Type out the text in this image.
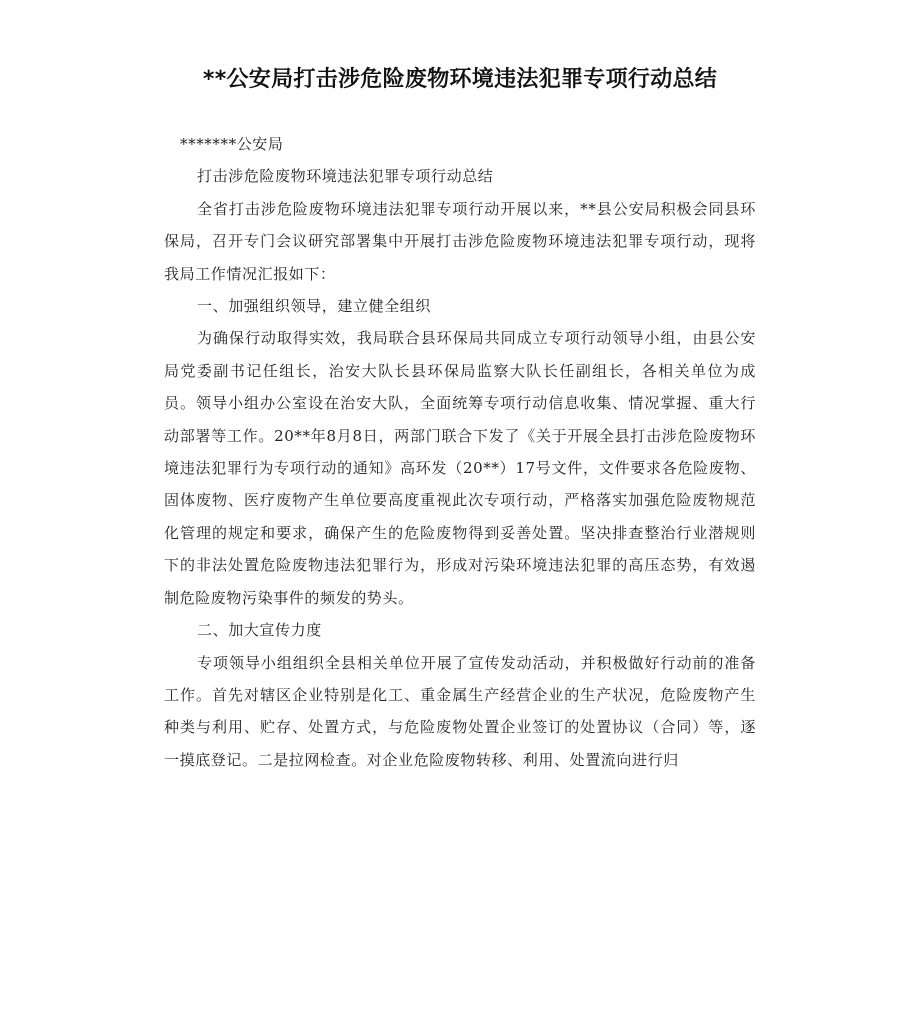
**公安局打击涉危险废物环境违法犯罪专项行动总结

*******公安局

打击涉危险废物环境违法犯罪专项行动总结

全省打击涉危险废物环境违法犯罪专项行动开展以来，**县公安局积极会同县环保局，召开专门会议研究部署集中开展打击涉危险废物环境违法犯罪专项行动，现将我局工作情况汇报如下：

一、加强组织领导，建立健全组织

为确保行动取得实效，我局联合县环保局共同成立专项行动领导小组，由县公安局党委副书记任组长，治安大队长县环保局监察大队长任副组长，各相关单位为成员。领导小组办公室设在治安大队，全面统筹专项行动信息收集、情况掌握、重大行动部署等工作。20**年8月8日，两部门联合下发了《关于开展全县打击涉危险废物环境违法犯罪行为专项行动的通知》高环发（20**）17号文件，文件要求各危险废物、固体废物、医疗废物产生单位要高度重视此次专项行动，严格落实加强危险废物规范化管理的规定和要求，确保产生的危险废物得到妥善处置。坚决排查整治行业潜规则下的非法处置危险废物违法犯罪行为，形成对污染环境违法犯罪的高压态势，有效遏制危险废物污染事件的频发的势头。

二、加大宣传力度

专项领导小组组织全县相关单位开展了宣传发动活动，并积极做好行动前的准备工作。首先对辖区企业特别是化工、重金属生产经营企业的生产状况，危险废物产生种类与利用、贮存、处置方式，与危险废物处置企业签订的处置协议（合同）等，逐一摸底登记。二是拉网检查。对企业危险废物转移、利用、处置流向进行归
